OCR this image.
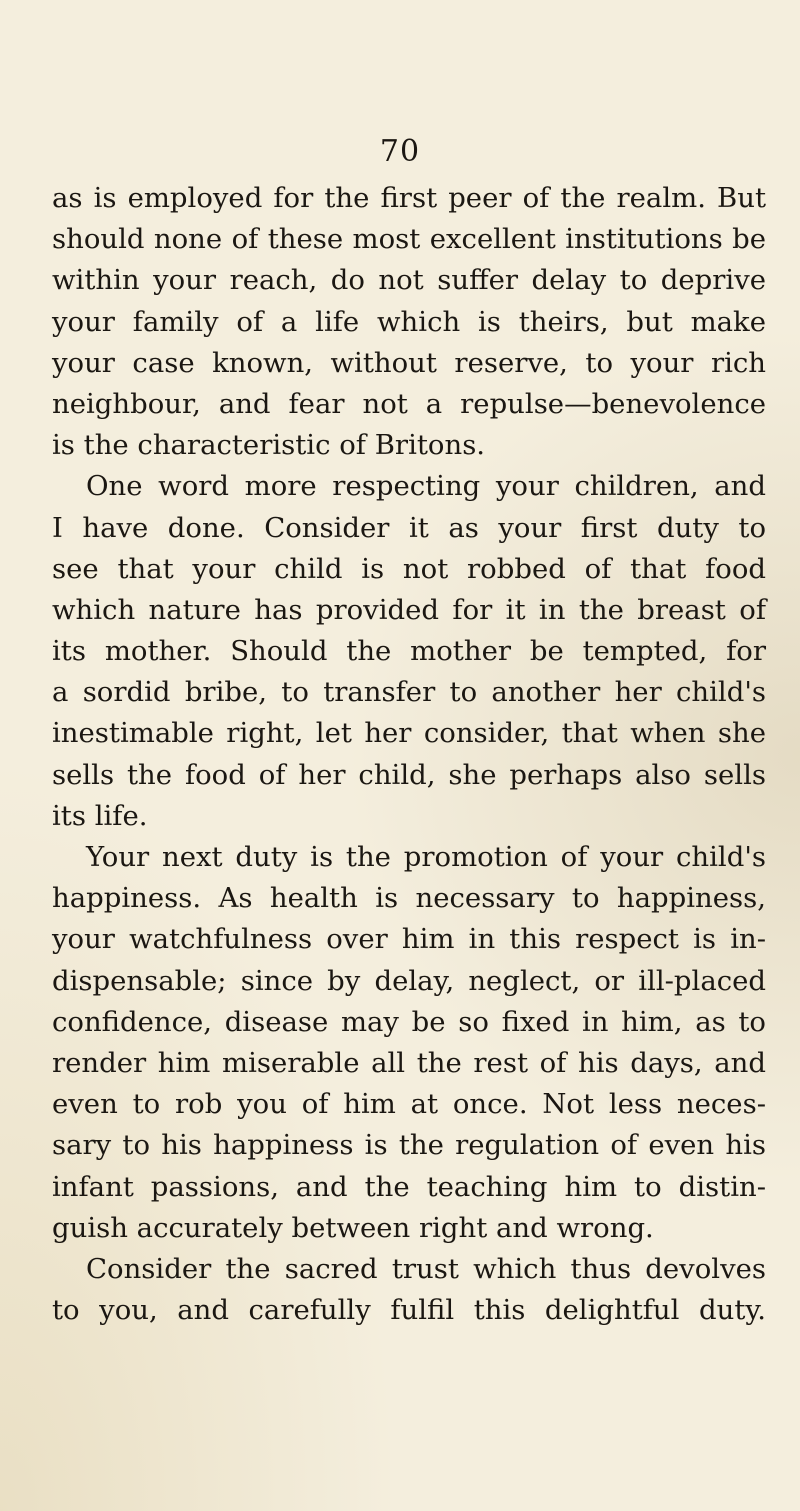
70
as is employed for the first peer of the realm. But
should none of these most excellent institutions be
within your reach, do not suffer delay to deprive
your family of a life which is theirs, but make
your case known, without reserve, to your rich
neighbour, and fear not a repulse—benevolence
is the characteristic of Britons.
One word more respecting your children, and
I have done. Consider it as your first duty to
see that your child is not robbed of that food
which nature has provided for it in the breast of
its mother. Should the mother be tempted, for
a sordid bribe, to transfer to another her child's
inestimable right, let her consider, that when she
sells the food of her child, she perhaps also sells
its life.
Your next duty is the promotion of your child's
happiness. As health is necessary to happiness,
your watchfulness over him in this respect is in-
dispensable; since by delay, neglect, or ill-placed
confidence, disease may be so fixed in him, as to
render him miserable all the rest of his days, and
even to rob you of him at once. Not less neces-
sary to his happiness is the regulation of even his
infant passions, and the teaching him to distin-
guish accurately between right and wrong.
Consider the sacred trust which thus devolves
to you, and carefully fulfil this delightful duty.
